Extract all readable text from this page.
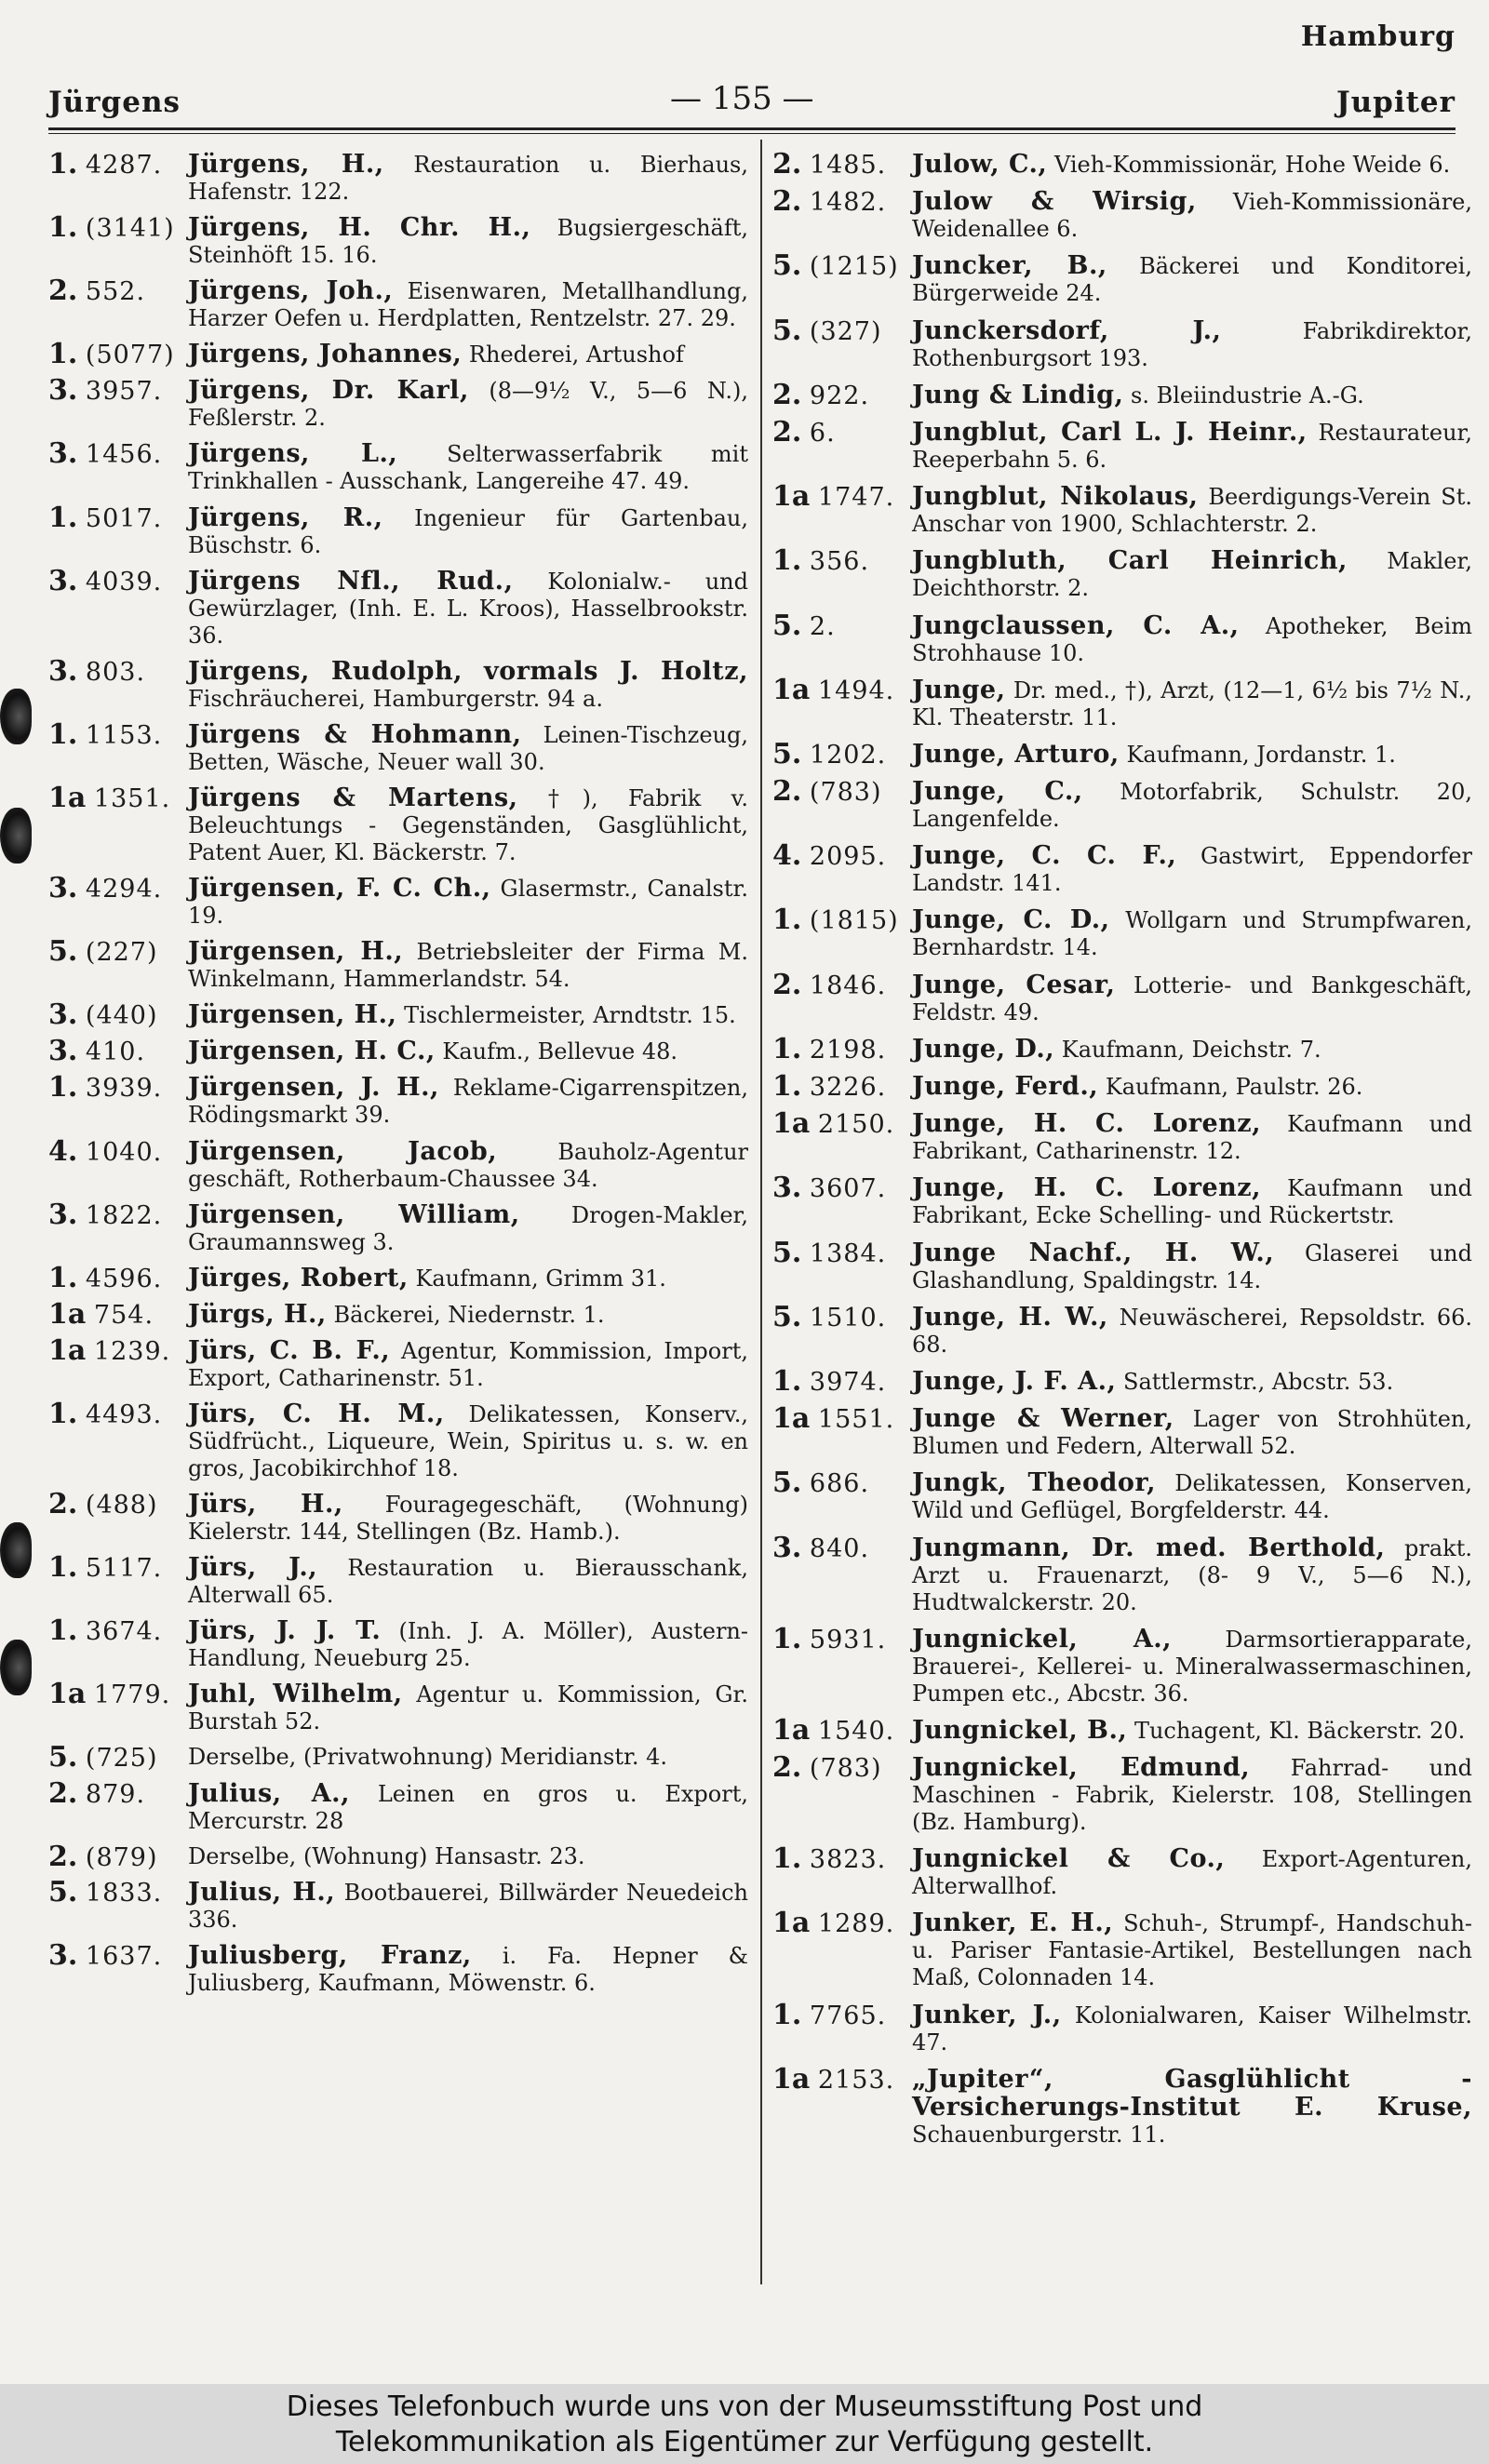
Hamburg
Jürgens	— 155 —	Jupiter
1. 4287.	Jürgens, H., Restauration u. Bierhaus, Hafenstr. 122.
1. (3141) Jürgens, H. Chr. H., Bugsiergeschäft, Steinhöft 15. 16.
2. 552.	Jürgens, Joh., Eisenwaren, Metallhandlung, Harzer Oefen u. Herdplatten, Rentzelstr. 27. 29.
1. (5077) Jürgens, Johannes, Rhederei, Artushof
3. 3957.	Jürgens, Dr. Karl, (8—9½ V., 5—6 N.), Feßlerstr. 2.
3. 1456.	Jürgens, L., Selterwasserfabrik mit Trinkhallen - Ausschank, Langereihe 47. 49.
1. 5017.	Jürgens, R., Ingenieur für Gartenbau, Büschstr. 6.
3. 4039.	Jürgens Nfl., Rud., Kolonialw.- und Gewürzlager, (Inh. E. L. Kroos), Hasselbrookstr. 36.
3. 803.	Jürgens, Rudolph, vormals J. Holtz, Fischräucherei, Hamburgerstr. 94 a.
1. 1153.	Jürgens & Hohmann, Leinen-Tischzeug, Betten, Wäsche, Neuer wall 30.
1a 1351. Jürgens & Martens, †), Fabrik v. Beleuchtungs - Gegenständen, Gasglühlicht, Patent Auer, Kl. Bäckerstr. 7.
3. 4294.	Jürgensen, F. C. Ch., Glasermstr., Canalstr. 19.
5. (227)	Jürgensen, H., Betriebsleiter der Firma M. Winkelmann, Hammerlandstr. 54.
3. (440)	Jürgensen, H., Tischlermeister, Arndtstr. 15.
3. 410.	Jürgensen, H. C., Kaufm., Bellevue 48.
1. 3939.	Jürgensen, J. H., Reklame-Cigarrenspitzen, Rödingsmarkt 39.
4. 1040.	Jürgensen, Jacob,	Bauholz-Agentur geschäft, Rotherbaum-Chaussee 34.
3. 1822.	Jürgensen, William, Drogen-Makler, Graumannsweg 3.
1. 4596.	Jürges, Robert, Kaufmann, Grimm 31.
1a 754.	Jürgs, H., Bäckerei, Niedernstr. 1.
1a 1239. Jürs, C. B. F., Agentur, Kommission, Import, Export, Catharinenstr. 51.
1. 4493.	Jürs, C. H. M., Delikatessen, Konserv., Südfrücht., Liqueure, Wein, Spiritus u. s. w. en gros, Jacobikirchhof 18.
2. (488)	Jürs, H., Fouragegeschäft, (Wohnung) Kielerstr. 144, Stellingen (Bz. Hamb.).
1. 5117.	Jürs, J., Restauration u. Bierausschank, Alterwall 65.
1. 3674.	Jürs, J. J. T. (Inh. J. A. Möller), Austern-Handlung, Neueburg 25.
1a 1779. Juhl, Wilhelm, Agentur u. Kommission, Gr. Burstah 52.
5. (725)	Derselbe, (Privatwohnung) Meridianstr. 4.
2. 879.	Julius, A., Leinen en gros u. Export, Mercurstr. 28
2. (879)	Derselbe, (Wohnung) Hansastr. 23.
5. 1833.	Julius, H., Bootbauerei, Billwärder Neuedeich 336.
3. 1637.	Juliusberg, Franz, i. Fa. Hepner & Juliusberg, Kaufmann, Möwenstr. 6.
2. 1485.	Julow, C., Vieh-Kommissionär, Hohe Weide 6.
2. 1482.	Julow & Wirsig, Vieh-Kommissionäre, Weidenallee 6.
5. (1215) Juncker, B., Bäckerei und Konditorei, Bürgerweide 24.
5. (327)	Junckersdorf, J.,	Fabrikdirektor, Rothenburgsort 193.
2. 922.	Jung & Lindig, s. Bleiindustrie A.-G.
2. 6.	Jungblut, Carl L. J. Heinr., Restaurateur, Reeperbahn 5. 6.
1a 1747. Jungblut, Nikolaus, Beerdigungs-Verein St. Anschar von 1900, Schlachterstr. 2.
1. 356.	Jungbluth, Carl Heinrich, Makler, Deichthorstr. 2.
5. 2.	Jungclaussen, C. A., Apotheker, Beim Strohhause 10.
1a 1494. Junge, Dr. med., †), Arzt, (12—1, 6½ bis 7½ N., Kl. Theaterstr. 11.
5. 1202.	Junge, Arturo, Kaufmann, Jordanstr. 1.
2. (783)	Junge, C., Motorfabrik, Schulstr. 20, Langenfelde.
4. 2095.	Junge, C. C. F., Gastwirt, Eppendorfer Landstr. 141.
1. (1815) Junge, C. D., Wollgarn und Strumpfwaren, Bernhardstr. 14.
2. 1846.	Junge, Cesar, Lotterie- und Bankgeschäft, Feldstr. 49.
1. 2198.	Junge, D., Kaufmann, Deichstr. 7.
1. 3226.	Junge, Ferd., Kaufmann, Paulstr. 26.
1a 2150. Junge, H. C. Lorenz, Kaufmann und Fabrikant, Catharinenstr. 12.
3. 3607.	Junge, H. C. Lorenz, Kaufmann und Fabrikant, Ecke Schelling- und Rückertstr.
5. 1384.	Junge Nachf., H. W., Glaserei und Glashandlung, Spaldingstr. 14.
5. 1510.	Junge, H. W., Neuwäscherei, Repsoldstr. 66. 68.
1. 3974.	Junge, J. F. A., Sattlermstr., Abcstr. 53.
1a 1551. Junge & Werner, Lager von Strohhüten, Blumen und Federn, Alterwall 52.
5. 686.	Jungk, Theodor, Delikatessen, Konserven, Wild und Geflügel, Borgfelderstr. 44.
3. 840.	Jungmann, Dr. med. Berthold, prakt. Arzt u. Frauenarzt, (8- 9 V., 5—6 N.), Hudtwalckerstr. 20.
1. 5931.	Jungnickel, A., Darmsortierapparate, Brauerei-, Kellerei- u. Mineralwassermaschinen, Pumpen etc., Abcstr. 36.
1a 1540. Jungnickel, B., Tuchagent, Kl. Bäckerstr. 20.
2. (783)	Jungnickel, Edmund, Fahrrad- und Maschinen - Fabrik, Kielerstr. 108, Stellingen (Bz. Hamburg).
1. 3823.	Jungnickel & Co., Export-Agenturen, Alterwallhof.
1a 1289. Junker, E. H., Schuh-, Strumpf-, Handschuh- u. Pariser Fantasie-Artikel, Bestellungen nach Maß, Colonnaden 14.
1. 7765.	Junker, J., Kolonialwaren, Kaiser Wilhelmstr. 47.
1a 2153. „Jupiter“, Gasglühlicht - Versicherungs-Institut E. Kruse, Schauenburgerstr. 11.
Dieses Telefonbuch wurde uns von der Museumsstiftung Post und
Telekommunikation als Eigentümer zur Verfügung gestellt.
